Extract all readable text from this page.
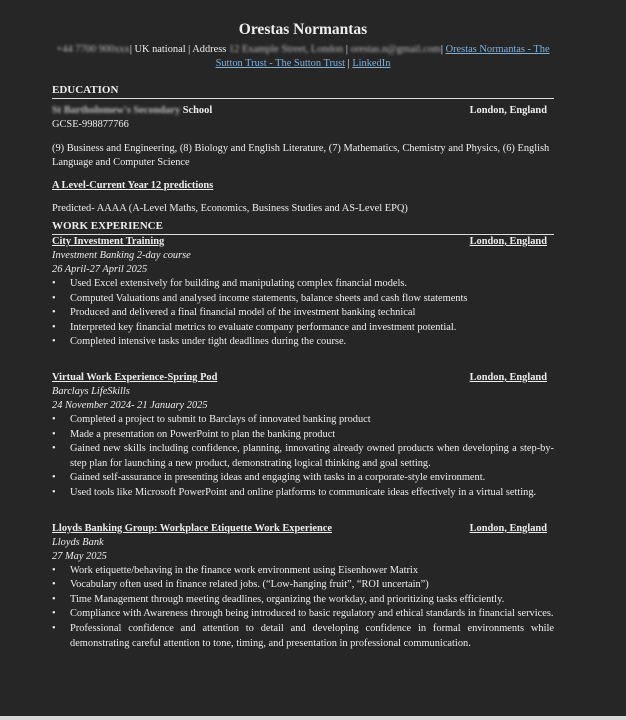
Orestas Normantas
+44 7700 900xxx| UK national | Address 12 Example Street, London | orestas.n@gmail.com| Orestas Normantas - The Sutton Trust - The Sutton Trust | LinkedIn
EDUCATION
St Bartholomew's Secondary School	London, England
GCSE-998877766
(9) Business and Engineering, (8) Biology and English Literature, (7) Mathematics, Chemistry and Physics, (6) English Language and Computer Science
A Level-Current Year 12 predictions
Predicted- AAAA (A-Level Maths, Economics, Business Studies and AS-Level EPQ)
WORK EXPERIENCE
City Investment Training	London, England
Investment Banking 2-day course
26 April-27 April 2025
• Used Excel extensively for building and manipulating complex financial models.
• Computed Valuations and analysed income statements, balance sheets and cash flow statements
• Produced and delivered a final financial model of the investment banking technical
• Interpreted key financial metrics to evaluate company performance and investment potential.
• Completed intensive tasks under tight deadlines during the course.
Virtual Work Experience-Spring Pod	London, England
Barclays LifeSkills
24 November 2024- 21 January 2025
• Completed a project to submit to Barclays of innovated banking product
• Made a presentation on PowerPoint to plan the banking product
• Gained new skills including confidence, planning, innovating already owned products when developing a step-by-step plan for launching a new product, demonstrating logical thinking and goal setting.
• Gained self-assurance in presenting ideas and engaging with tasks in a corporate-style environment.
• Used tools like Microsoft PowerPoint and online platforms to communicate ideas effectively in a virtual setting.
Lloyds Banking Group: Workplace Etiquette Work Experience	London, England
Lloyds Bank
27 May 2025
• Work etiquette/behaving in the finance work environment using Eisenhower Matrix
• Vocabulary often used in finance related jobs. (“Low-hanging fruit”, “ROI uncertain”)
• Time Management through meeting deadlines, organizing the workday, and prioritizing tasks efficiently.
• Compliance with Awareness through being introduced to basic regulatory and ethical standards in financial services.
• Professional confidence and attention to detail and developing confidence in formal environments while demonstrating careful attention to tone, timing, and presentation in professional communication.
